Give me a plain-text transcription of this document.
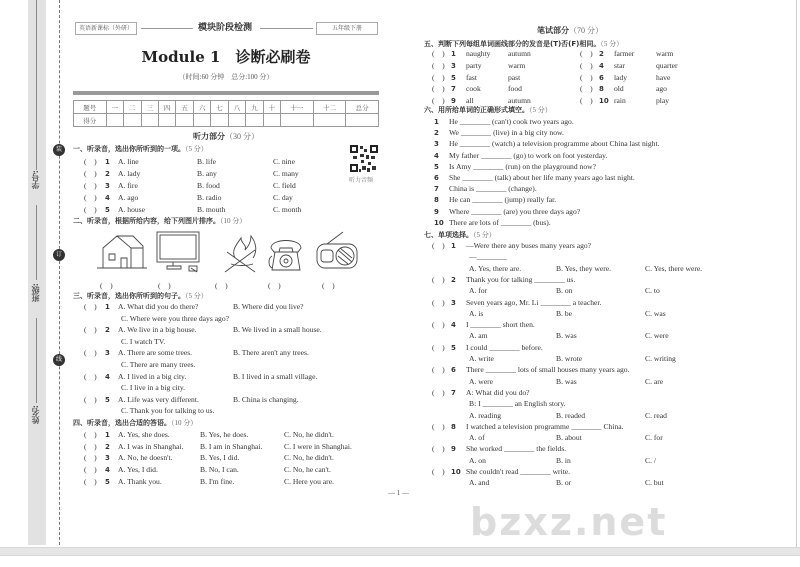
学号:
班级:
姓名:
装
订
线
英语新课标（外研）	模块阶段检测	五年级下册
Module 1　诊断必刷卷
（时间:60 分钟　总分:100 分）
题号	一	二	三	四	五	六	七	八	九	十	十一	十二	总分
得分													
听力部分（30 分）
听力音频
笔试部分（70 分）
一、听录音，选出你所听到的一项。（5 分）
(    ) 1 A. line	B. life	C. nine
(    ) 2 A. lady	B. any	C. many
(    ) 3 A. fire	B. food	C. field
(    ) 4 A. ago	B. radio	C. day
(    ) 5 A. house	B. mouth	C. month
二、听录音，根据所给内容，给下列图片排序。（10 分）
(    )	(    )	(    )	(    )	(    )
三、听录音，选出你所听到的句子。（5 分）
(    ) 1 A. What did you do there?	B. Where did you live?
C. Where were you three days ago?
(    ) 2 A. We live in a big house.	B. We lived in a small house.
C. I watch TV.
(    ) 3 A. There are some trees.	B. There aren't any trees.
C. There are many trees.
(    ) 4 A. I lived in a big city.	B. I lived in a small village.
C. I live in a big city.
(    ) 5 A. Life was very different.	B. China is changing.
C. Thank you for talking to us.
四、听录音，选出合适的答语。（10 分）
(    ) 1 A. Yes, she does.	B. Yes, he does.	C. No, he didn't.
(    ) 2 A. I was in Shanghai. B. I am in Shanghai.	C. I were in Shanghai.
(    ) 3 A. No, he doesn't.	B. Yes, I did.	C. No, he didn't.
(    ) 4 A. Yes, I did.	B. No, I can.	C. No, he can't.
(    ) 5 A. Thank you.	B. I'm fine.	C. Here you are.
五、判断下列每组单词画线部分的发音是(T)否(F)相同。（5 分）
(    ) 1 naughty autumn	(    ) 2 farmer	warm
(    ) 3 party	warm	(    ) 4 star	quarter
(    ) 5 fast	past	(    ) 6 lady	have
(    ) 7 cook	food	(    ) 8 old	ago
(    ) 9 all	autumn	(    ) 10 rain	play
六、用所给单词的正确形式填空。（5 分）
1 He ________ (can't) cook two years ago.
2 We ________ (live) in a big city now.
3 He ________ (watch) a television programme about China last night.
4 My father ________ (go) to work on foot yesterday.
5 Is Amy ________ (run) on the playground now?
6 She ________ (talk) about her life many years ago last night.
7 China is ________ (change).
8 He can ________ (jump) really far.
9 Where ________ (are) you three days ago?
10 There are lots of ________ (bus).
七、单项选择。（5 分）
(    ) 1 —Were there any buses many years ago?
—________
A. Yes, there are.	B. Yes, they were.	C. Yes, there were.
(    ) 2 Thank you for talking ________ us.
A. for	B. on	C. to
(    ) 3 Seven years ago, Mr. Li ________ a teacher.
A. is	B. be	C. was
(    ) 4 I ________ short then.
A. am	B. was	C. were
(    ) 5 I could ________ before.
A. write	B. wrote	C. writing
(    ) 6 There ________ lots of small houses many years ago.
A. were	B. was	C. are
(    ) 7 A: What did you do?
B: I ________ an English story.
A. reading	B. readed	C. read
(    ) 8 I watched a television programme ________ China.
A. of	B. about	C. for
(    ) 9 She worked ________ the fields.
A. on	B. in	C. /
(    ) 10 She couldn't read ________ write.
A. and	B. or	C. but
— 1 —
bzxz.net
